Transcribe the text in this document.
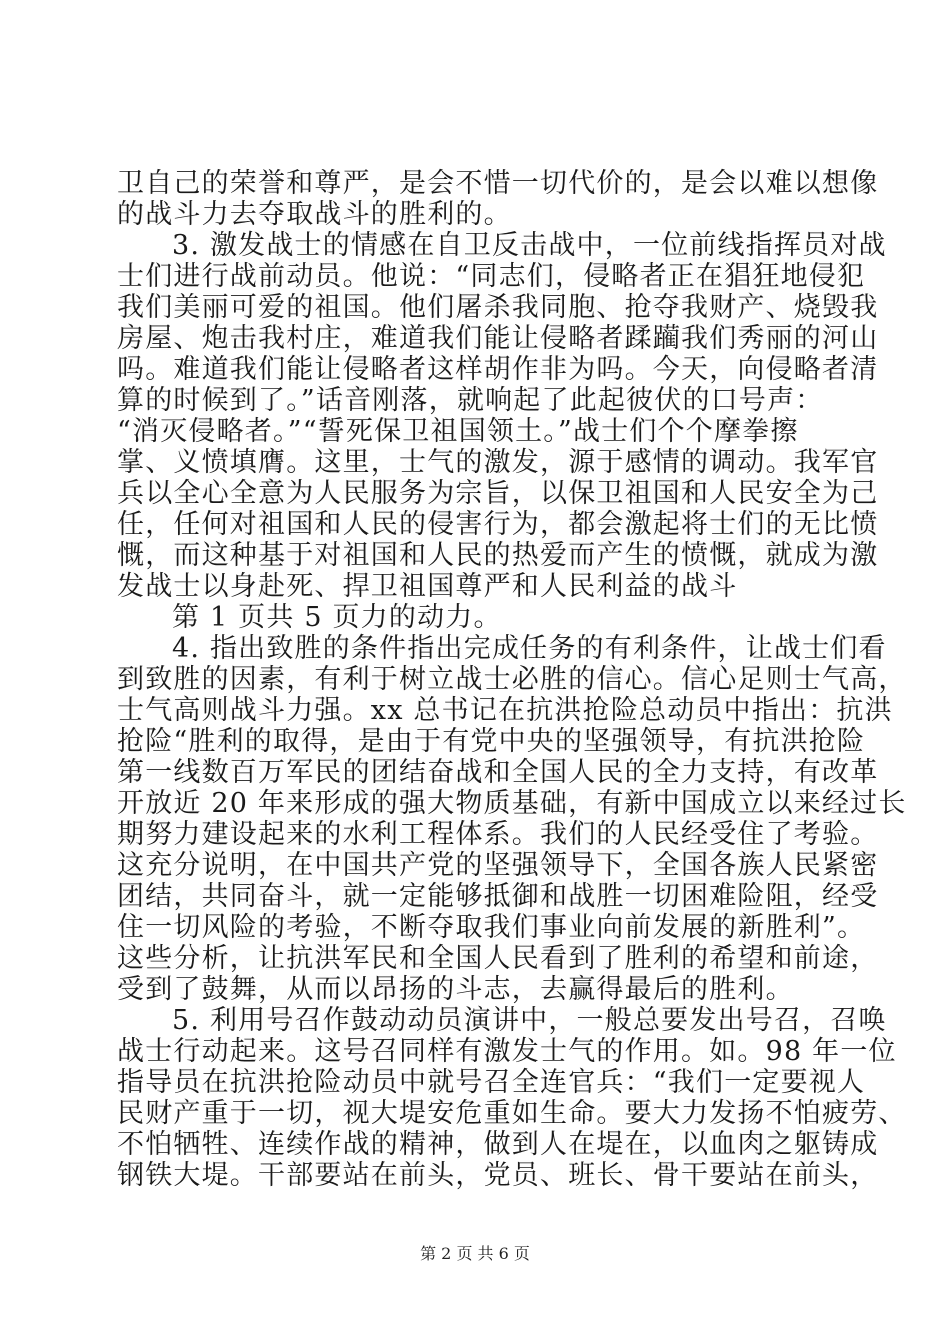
卫自己的荣誉和尊严，是会不惜一切代价的，是会以难以想像
的战斗力去夺取战斗的胜利的。
3. 激发战士的情感在自卫反击战中，一位前线指挥员对战
士们进行战前动员。他说：“同志们，侵略者正在猖狂地侵犯
我们美丽可爱的祖国。他们屠杀我同胞、抢夺我财产、烧毁我
房屋、炮击我村庄，难道我们能让侵略者蹂躏我们秀丽的河山
吗。难道我们能让侵略者这样胡作非为吗。今天，向侵略者清
算的时候到了。”话音刚落，就响起了此起彼伏的口号声：
“消灭侵略者。”“誓死保卫祖国领土。”战士们个个摩拳擦
掌、义愤填膺。这里，士气的激发，源于感情的调动。我军官
兵以全心全意为人民服务为宗旨，以保卫祖国和人民安全为己
任，任何对祖国和人民的侵害行为，都会激起将士们的无比愤
慨，而这种基于对祖国和人民的热爱而产生的愤慨，就成为激
发战士以身赴死、捍卫祖国尊严和人民利益的战斗
第 1 页共 5 页力的动力。
4. 指出致胜的条件指出完成任务的有利条件，让战士们看
到致胜的因素，有利于树立战士必胜的信心。信心足则士气高，
士气高则战斗力强。xx 总书记在抗洪抢险总动员中指出：抗洪
抢险“胜利的取得，是由于有党中央的坚强领导，有抗洪抢险
第一线数百万军民的团结奋战和全国人民的全力支持，有改革
开放近 20 年来形成的强大物质基础，有新中国成立以来经过长
期努力建设起来的水利工程体系。我们的人民经受住了考验。
这充分说明，在中国共产党的坚强领导下，全国各族人民紧密
团结，共同奋斗，就一定能够抵御和战胜一切困难险阻，经受
住一切风险的考验，不断夺取我们事业向前发展的新胜利”。
这些分析，让抗洪军民和全国人民看到了胜利的希望和前途，
受到了鼓舞，从而以昂扬的斗志，去赢得最后的胜利。
5. 利用号召作鼓动动员演讲中，一般总要发出号召，召唤
战士行动起来。这号召同样有激发士气的作用。如。98 年一位
指导员在抗洪抢险动员中就号召全连官兵：“我们一定要视人
民财产重于一切，视大堤安危重如生命。要大力发扬不怕疲劳、
不怕牺牲、连续作战的精神，做到人在堤在，以血肉之躯铸成
钢铁大堤。干部要站在前头，党员、班长、骨干要站在前头，
第 2 页 共 6 页
